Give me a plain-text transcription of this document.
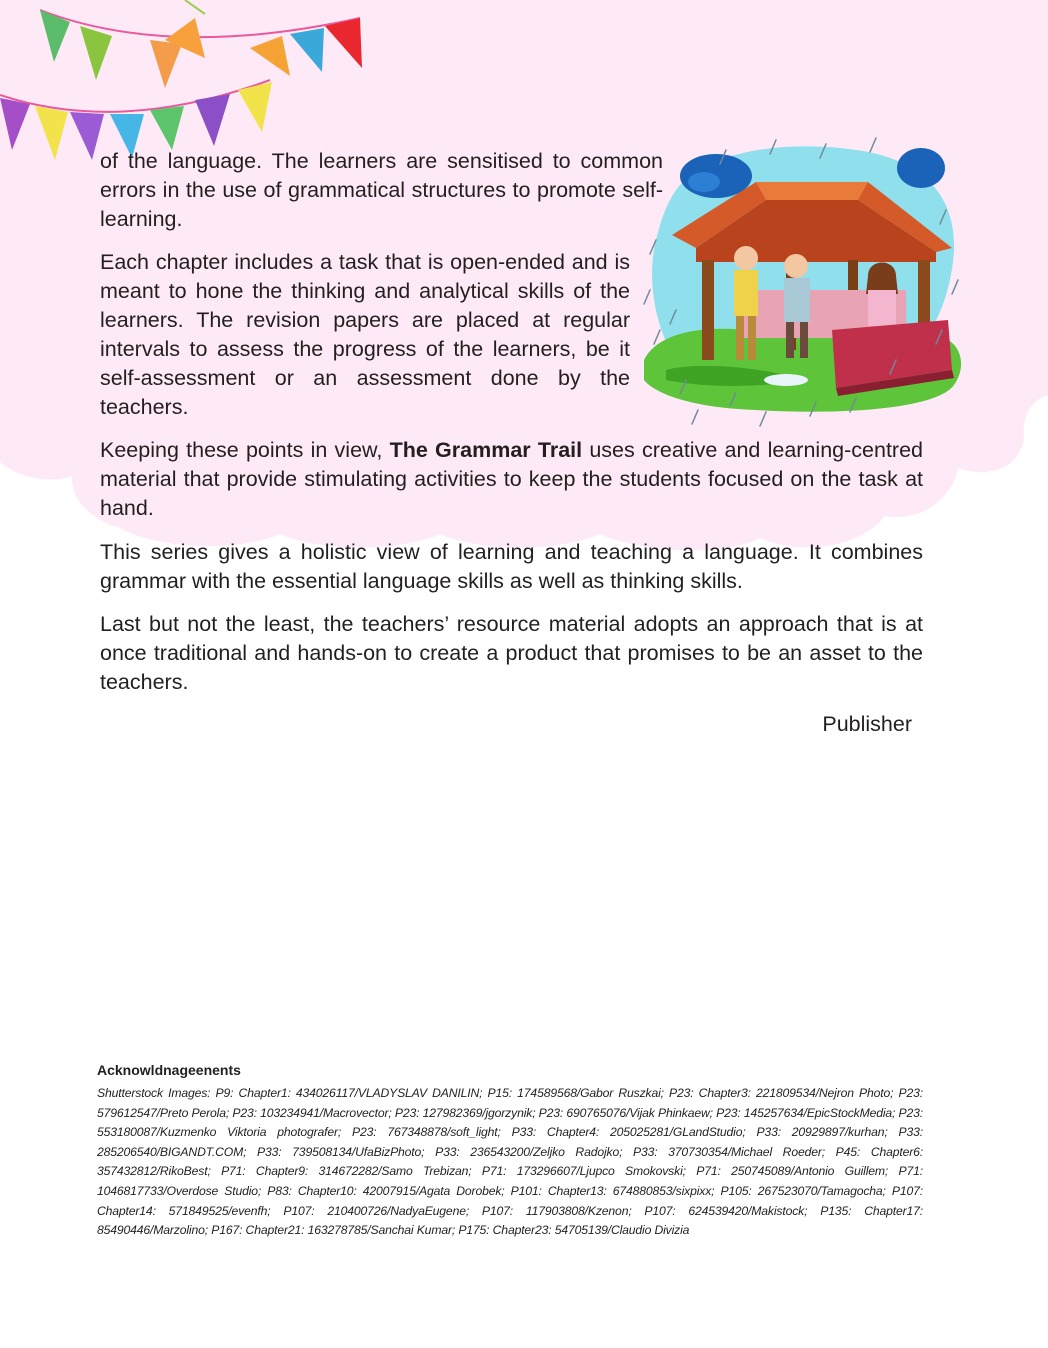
of the language. The learners are sensitised to common errors in the use of grammatical structures to promote self-learning.

Each chapter includes a task that is open-ended and is meant to hone the thinking and analytical skills of the learners. The revision papers are placed at regular intervals to assess the progress of the learners, be it self-assessment or an assessment done by the teachers.

Keeping these points in view, The Grammar Trail uses creative and learning-centred material that provide stimulating activities to keep the students focused on the task at hand.

This series gives a holistic view of learning and teaching a language. It combines grammar with the essential language skills as well as thinking skills.

Last but not the least, the teachers’ resource material adopts an approach that is at once traditional and hands-on to create a product that promises to be an asset to the teachers.

Publisher
Acknowldnageenents

Shutterstock Images: P9: Chapter1: 434026117/VLADYSLAV DANILIN; P15: 174589568/Gabor Ruszkai; P23: Chapter3: 221809534/Nejron Photo; P23: 579612547/Preto Perola; P23: 103234941/Macrovector; P23: 127982369/jgorzynik; P23: 690765076/Vijak Phinkaew; P23: 145257634/EpicStockMedia; P23: 553180087/Kuzmenko Viktoria photografer; P23: 767348878/soft_light; P33: Chapter4: 205025281/GLandStudio; P33: 20929897/kurhan; P33: 285206540/BIGANDT.COM; P33: 739508134/UfaBizPhoto; P33: 236543200/Zeljko Radojko; P33: 370730354/Michael Roeder; P45: Chapter6: 357432812/RikoBest; P71: Chapter9: 314672282/Samo Trebizan; P71: 173296607/Ljupco Smokovski; P71: 250745089/Antonio Guillem; P71: 1046817733/Overdose Studio; P83: Chapter10: 42007915/Agata Dorobek; P101: Chapter13: 674880853/sixpixx; P105: 267523070/Tamagocha; P107: Chapter14: 571849525/evenfh; P107: 210400726/NadyaEugene; P107: 117903808/Kzenon; P107: 624539420/Makistock; P135: Chapter17: 85490446/Marzolino; P167: Chapter21: 163278785/Sanchai Kumar; P175: Chapter23: 54705139/Claudio Divizia
